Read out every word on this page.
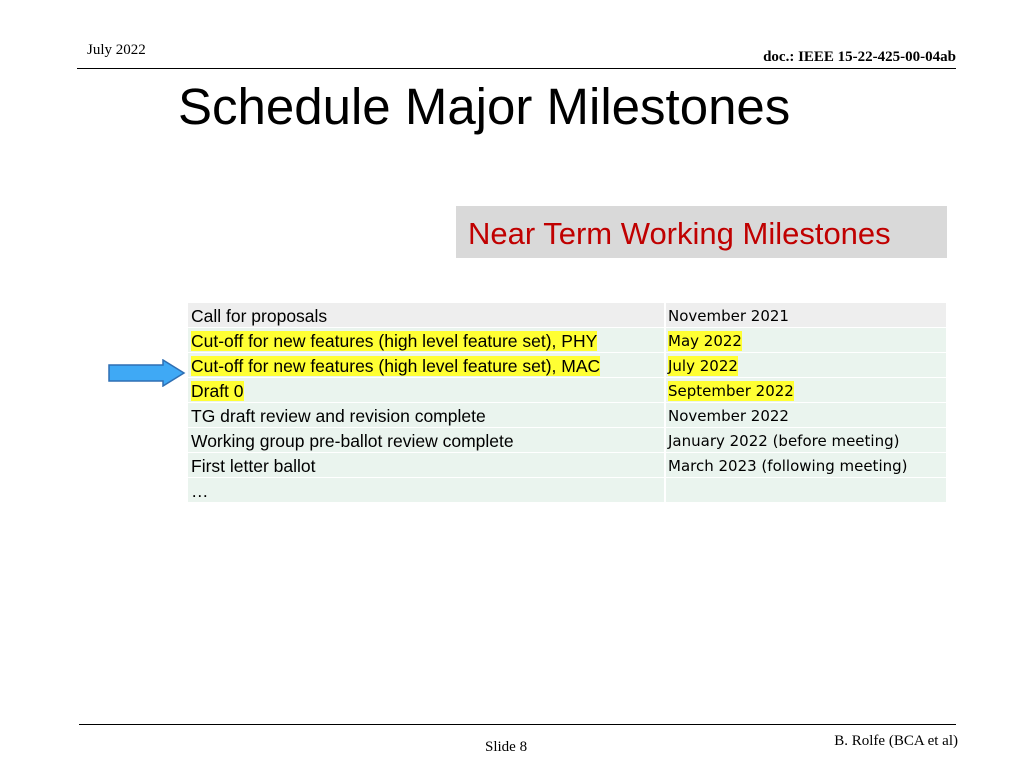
July 2022	doc.: IEEE 15-22-425-00-04ab
Schedule Major Milestones
Near Term Working Milestones
Call for proposals	November 2021
Cut-off for new features (high level feature set), PHY	May 2022
Cut-off for new features (high level feature set), MAC	July 2022
Draft 0	September 2022
TG draft review and revision complete	November 2022
Working group pre-ballot review complete	January 2022 (before meeting)
First letter ballot	March 2023 (following meeting)
…
Slide 8	B. Rolfe (BCA et al)
